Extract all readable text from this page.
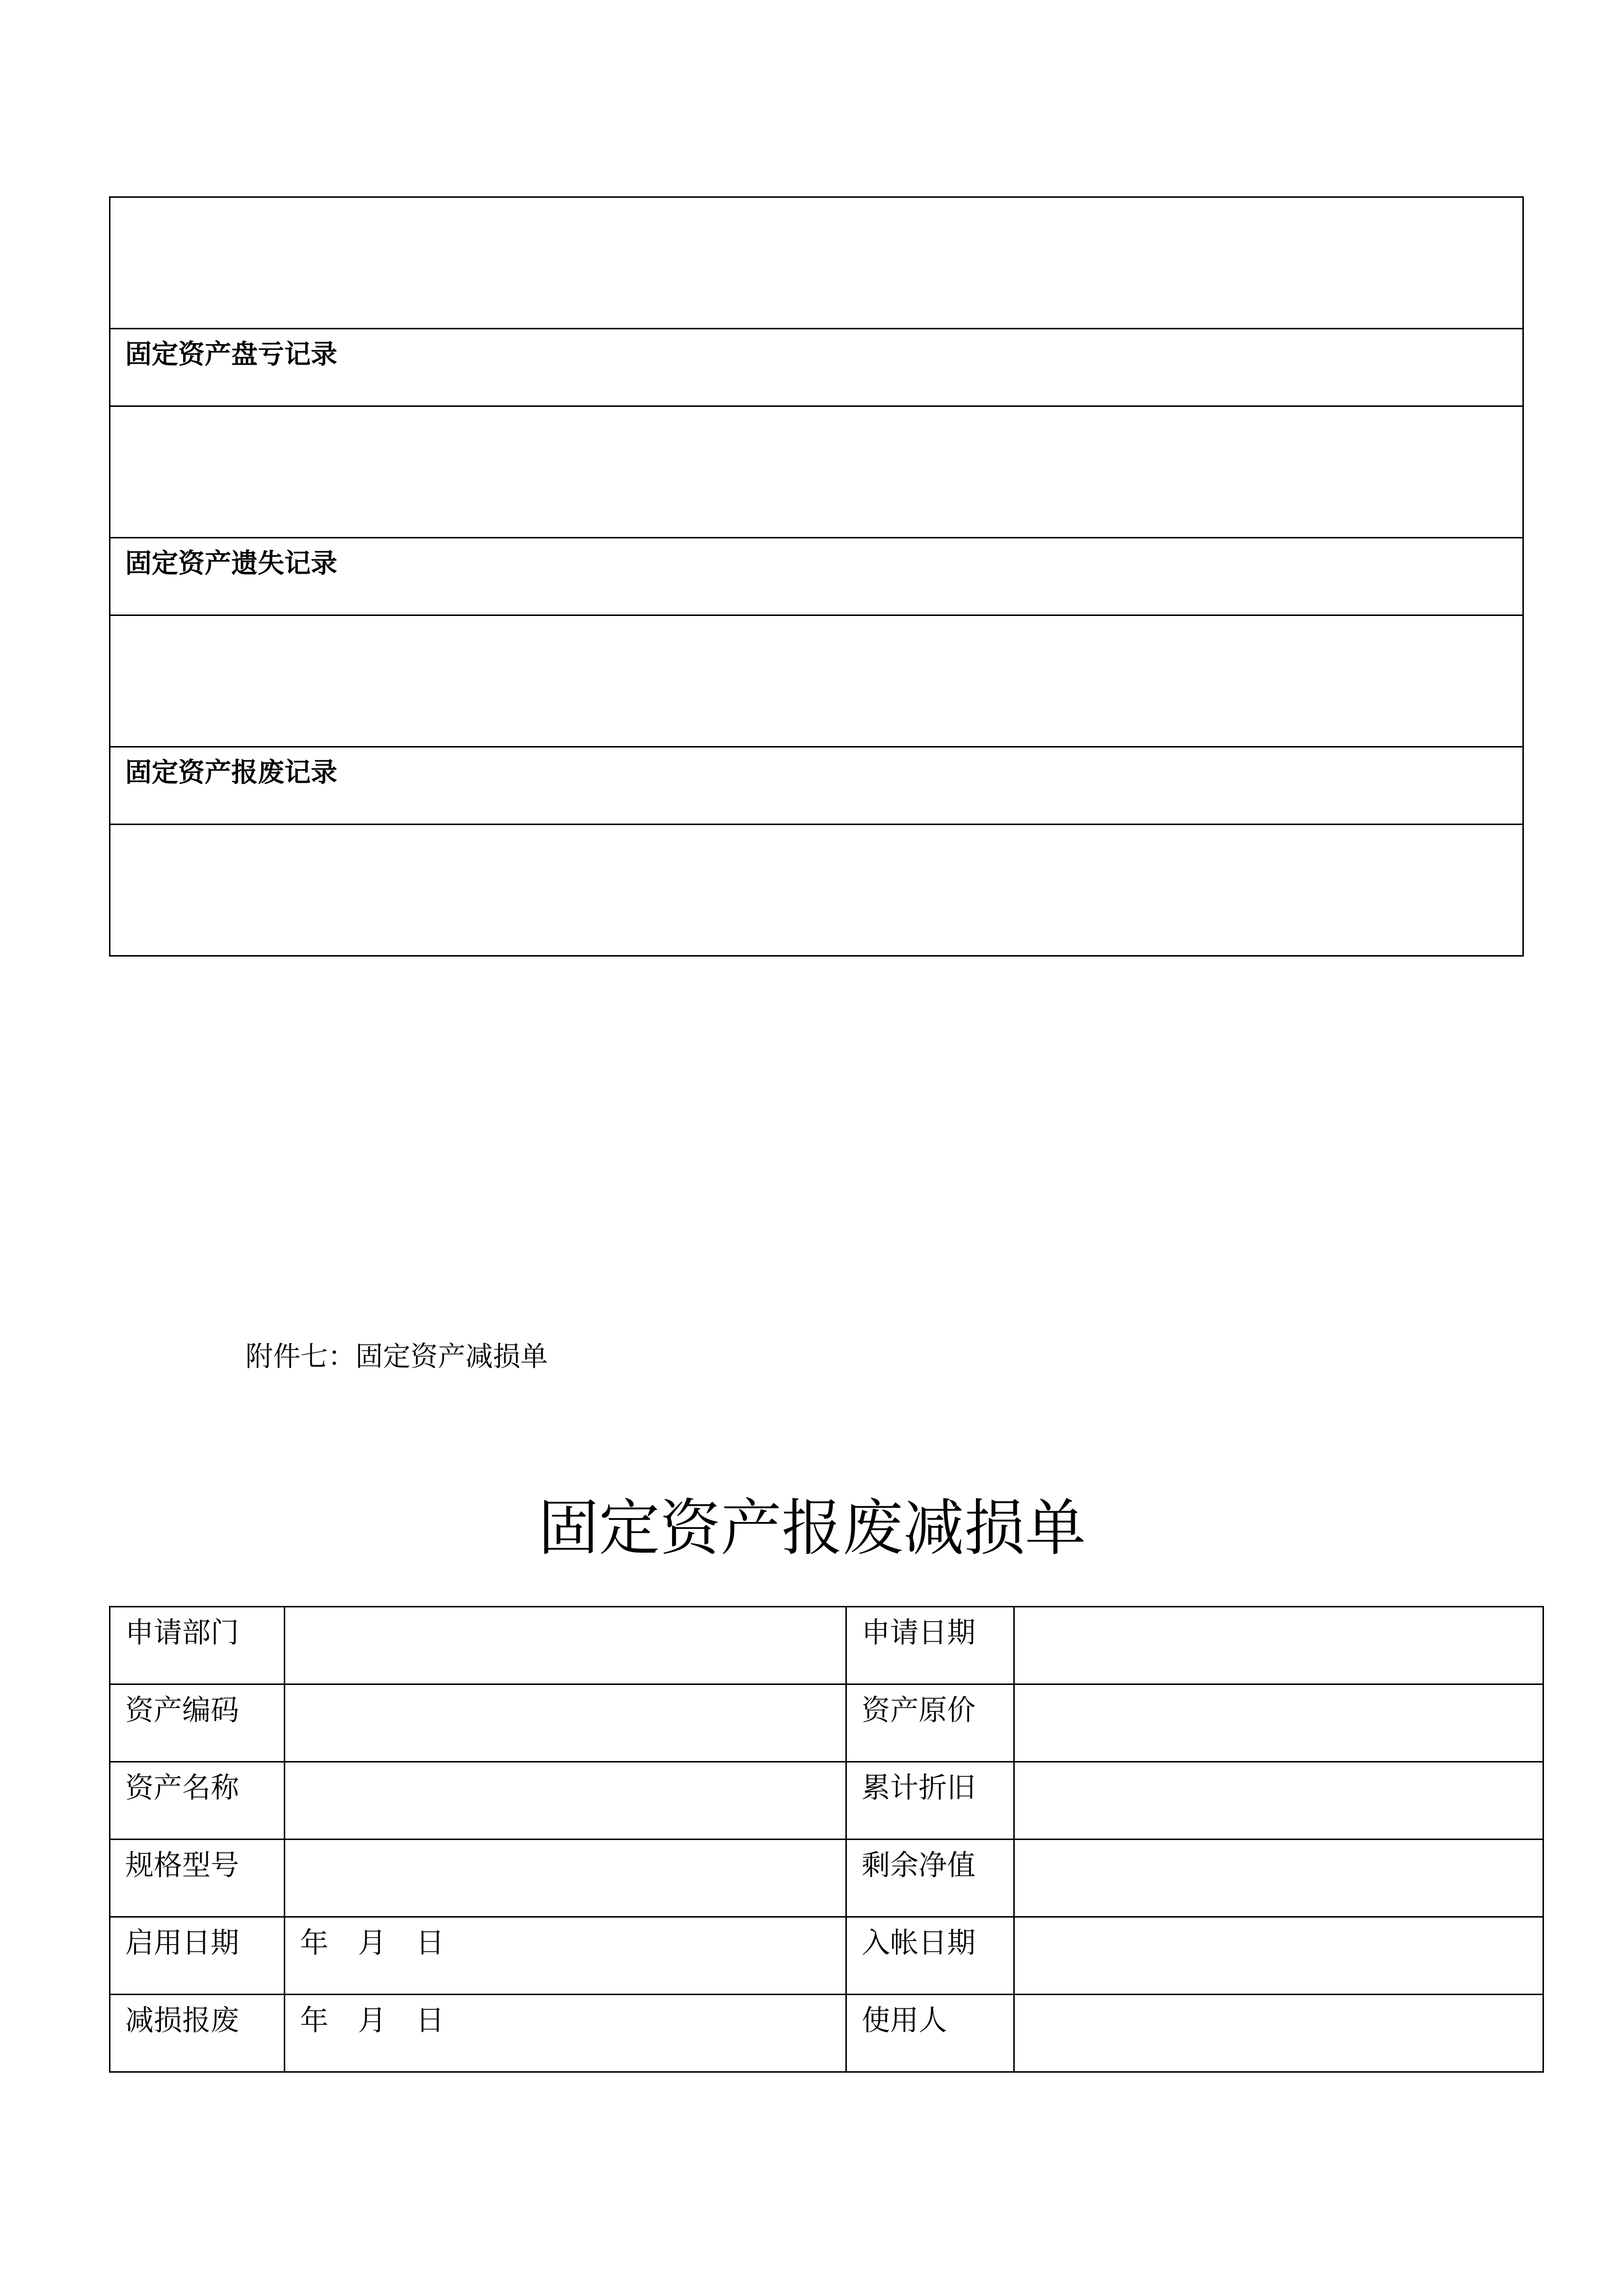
固定资产盘亏记录

固定资产遗失记录

固定资产报废记录

附件七：固定资产减损单
固定资产报废减损单
申请部门		申请日期	
资产编码		资产原价	
资产名称		累计折旧	
规格型号		剩余净值	
启用日期	年 月 日	入帐日期	
减损报废	年 月 日	使用人	
